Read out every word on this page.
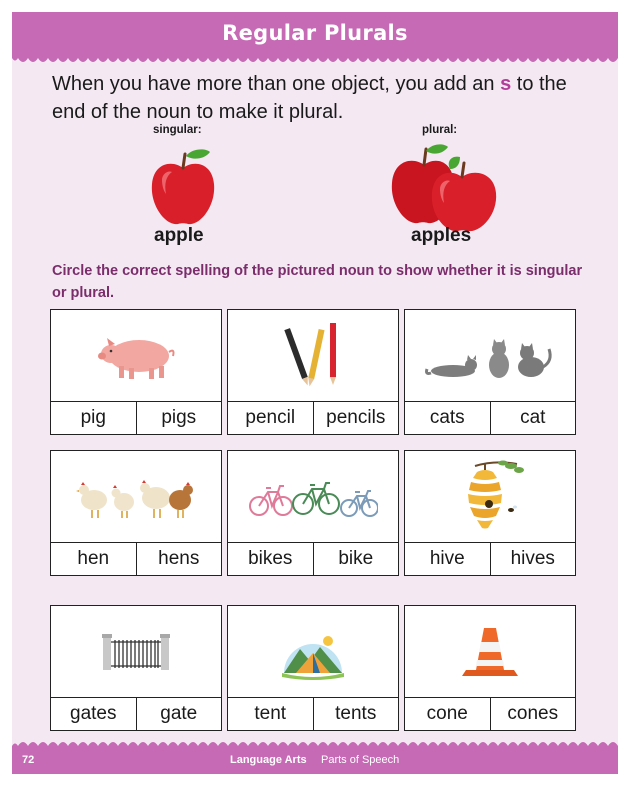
Regular Plurals
When you have more than one object, you add an s to the end of the noun to make it plural.
singular:	plural:
apple	apples
Circle the correct spelling of the pictured noun to show whether it is singular or plural.
pig	pigs	pencil	pencils	cats	cat
hen	hens	bikes	bike	hive	hives
gates	gate	tent	tents	cone	cones
72	Language Arts Parts of Speech
